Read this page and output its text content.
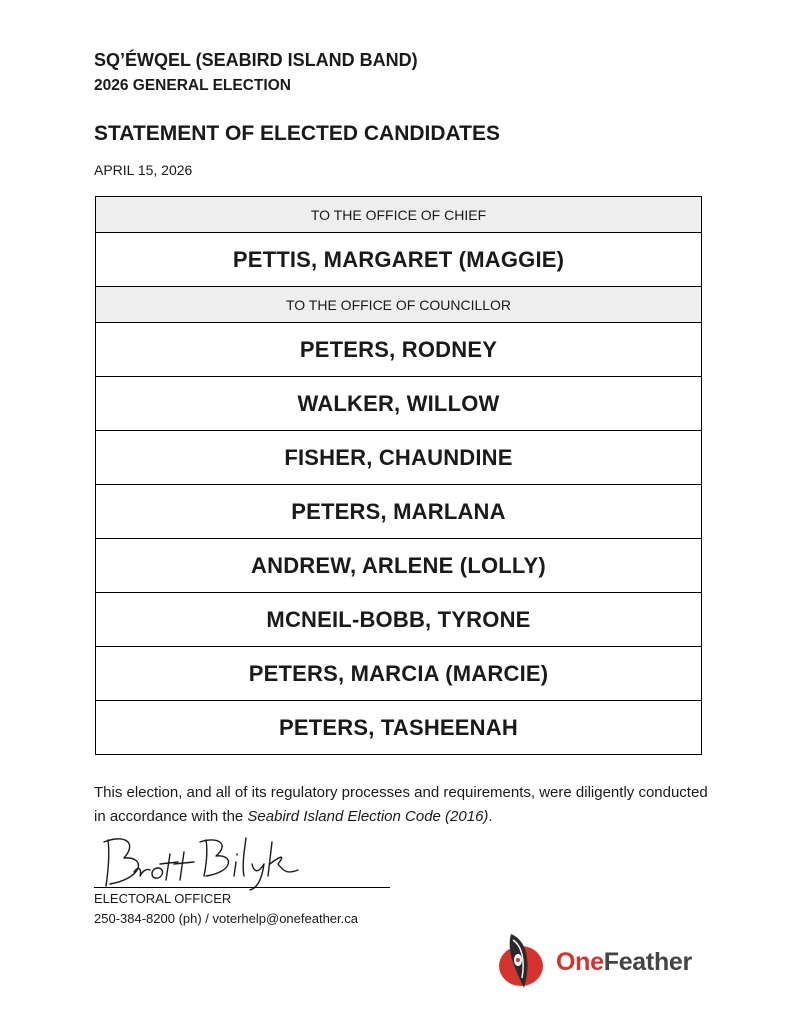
SQ’ÉWQEL (SEABIRD ISLAND BAND)
2026 GENERAL ELECTION
STATEMENT OF ELECTED CANDIDATES
APRIL 15, 2026
TO THE OFFICE OF CHIEF
PETTIS, MARGARET (MAGGIE)
TO THE OFFICE OF COUNCILLOR
PETERS, RODNEY
WALKER, WILLOW
FISHER, CHAUNDINE
PETERS, MARLANA
ANDREW, ARLENE (LOLLY)
MCNEIL-BOBB, TYRONE
PETERS, MARCIA (MARCIE)
PETERS, TASHEENAH
This election, and all of its regulatory processes and requirements, were diligently conducted in accordance with the Seabird Island Election Code (2016).
ELECTORAL OFFICER
250-384-8200 (ph) / voterhelp@onefeather.ca
OneFeather
